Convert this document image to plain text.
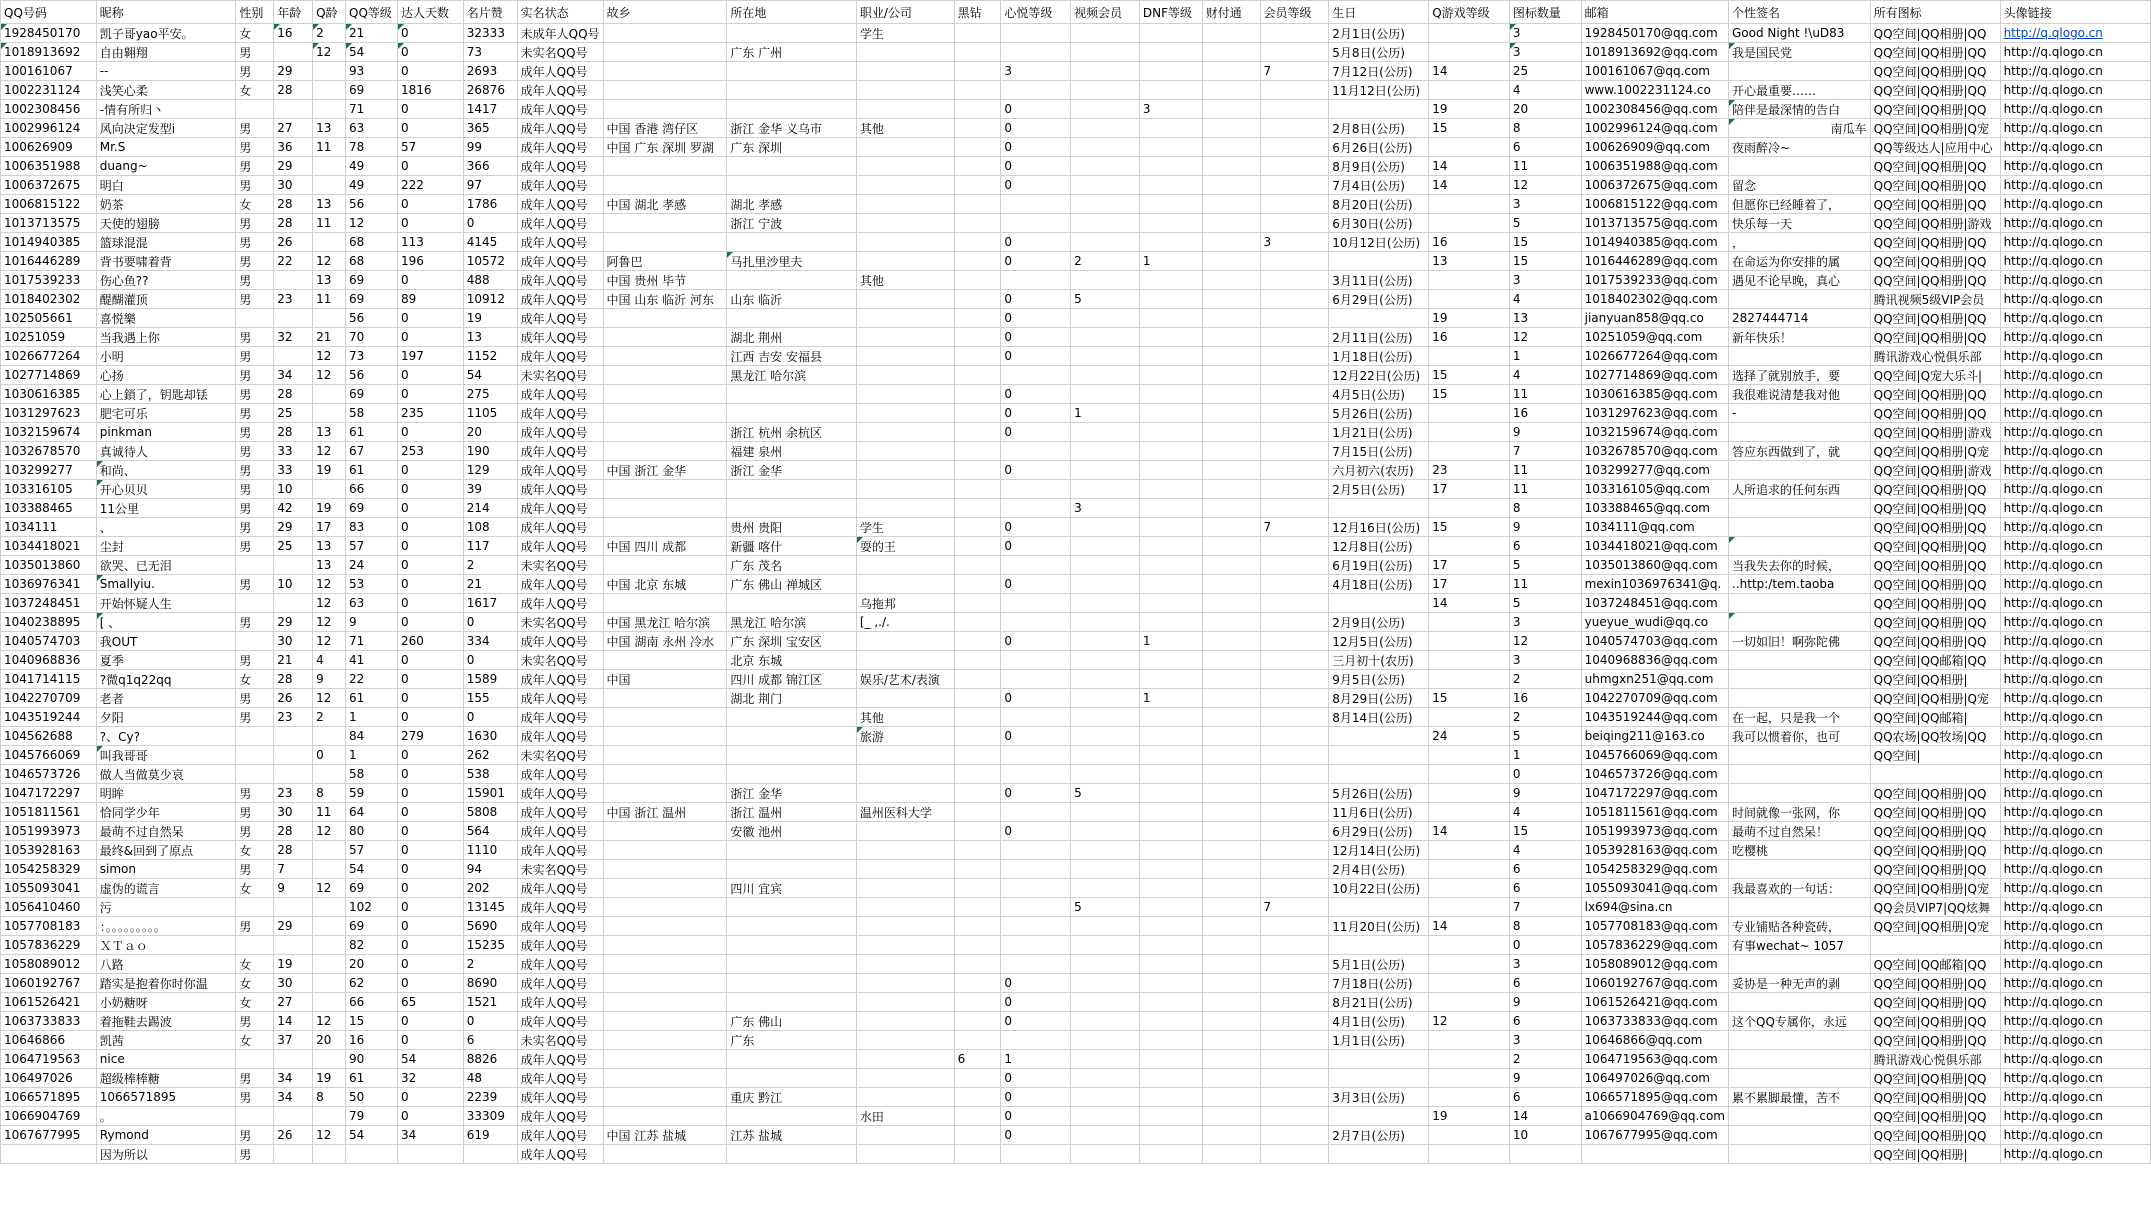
QQ号码	昵称	性别	年龄	Q龄	QQ等级	达人天数	名片赞	实名状态	故乡	所在地	职业/公司	黑钻	心悦等级	视频会员	DNF等级	财付通	会员等级	生日	Q游戏等级	图标数量	邮箱	个性签名	所有图标	头像链接
1928450170	凯子哥yao平安。	女	16	2	21	0	32333	未成年人QQ号			学生							2月1日(公历)		3	1928450170@qq.com	Good Night !\uD83	QQ空间|QQ相册|QQ	http://q.qlogo.cn
1018913692	自由翱翔	男		12	54	0	73	未实名QQ号		广东 广州								5月8日(公历)		3	1018913692@qq.com	我是国民党	QQ空间|QQ相册|QQ	http://q.qlogo.cn
100161067	--	男	29		93	0	2693	成年人QQ号					3				7	7月12日(公历)	14	25	100161067@qq.com		QQ空间|QQ相册|QQ	http://q.qlogo.cn
1002231124	浅笑心柔	女	28		69	1816	26876	成年人QQ号										11月12日(公历)		4	www.1002231124.co	开心最重要……	QQ空间|QQ相册|QQ	http://q.qlogo.cn
1002308456	-情有所归丶				71	0	1417	成年人QQ号					0		3				19	20	1002308456@qq.com	陪伴是最深情的告白	QQ空间|QQ相册|QQ	http://q.qlogo.cn
1002996124	风向决定发型i	男	27	13	63	0	365	成年人QQ号	中国 香港 湾仔区	浙江 金华 义乌市	其他		0					2月8日(公历)	15	8	1002996124@qq.com	南瓜车	QQ空间|QQ相册|Q宠	http://q.qlogo.cn
100626909	Mr.S	男	36	11	78	57	99	成年人QQ号	中国 广东 深圳 罗湖	广东 深圳			0					6月26日(公历)		6	100626909@qq.com	夜雨醉冷~	QQ等级达人|应用中心	http://q.qlogo.cn
1006351988	duang~	男	29		49	0	366	成年人QQ号					0					8月9日(公历)	14	11	1006351988@qq.com		QQ空间|QQ相册|QQ	http://q.qlogo.cn
1006372675	明白	男	30		49	222	97	成年人QQ号					0					7月4日(公历)	14	12	1006372675@qq.com	留念	QQ空间|QQ相册|QQ	http://q.qlogo.cn
1006815122	奶茶	女	28	13	56	0	1786	成年人QQ号	中国 湖北 孝感	湖北 孝感								8月20日(公历)		3	1006815122@qq.com	但愿你已经睡着了，	QQ空间|QQ相册|QQ	http://q.qlogo.cn
1013713575	天使的翅膀	男	28	11	12	0	0	成年人QQ号		浙江 宁波								6月30日(公历)		5	1013713575@qq.com	快乐每一天	QQ空间|QQ相册|游戏	http://q.qlogo.cn
1014940385	篮球混混	男	26		68	113	4145	成年人QQ号					0				3	10月12日(公历)	16	15	1014940385@qq.com	，	QQ空间|QQ相册|QQ	http://q.qlogo.cn
1016446289	背书要啸着背	男	22	12	68	196	10572	成年人QQ号	阿鲁巴	马扎里沙里夫			0	2	1				13	15	1016446289@qq.com	在命运为你安排的属	QQ空间|QQ相册|QQ	http://q.qlogo.cn
1017539233	伤心鱼??	男		13	69	0	488	成年人QQ号	中国 贵州 毕节		其他							3月11日(公历)		3	1017539233@qq.com	遇见不论早晚，真心	QQ空间|QQ相册|QQ	http://q.qlogo.cn
1018402302	醍醐灌顶	男	23	11	69	89	10912	成年人QQ号	中国 山东 临沂 河东	山东 临沂			0	5				6月29日(公历)		4	1018402302@qq.com		腾讯视频5级VIP会员	http://q.qlogo.cn
102505661	喜悦樂				56	0	19	成年人QQ号					0						19	13	jianyuan858@qq.co	2827444714	QQ空间|QQ相册|QQ	http://q.qlogo.cn
10251059	当我遇上你	男	32	21	70	0	13	成年人QQ号		湖北 荆州			0					2月11日(公历)	16	12	10251059@qq.com	新年快乐！	QQ空间|QQ相册|QQ	http://q.qlogo.cn
1026677264	小明	男		12	73	197	1152	成年人QQ号		江西 吉安 安福县			0					1月18日(公历)		1	1026677264@qq.com		腾讯游戏心悦俱乐部	http://q.qlogo.cn
1027714869	心扬	男	34	12	56	0	54	未实名QQ号		黑龙江 哈尔滨								12月22日(公历)	15	4	1027714869@qq.com	选择了就别放手，要	QQ空间|Q宠大乐斗|	http://q.qlogo.cn
1030616385	心上鎖了，钥匙却铥	男	28		69	0	275	成年人QQ号					0					4月5日(公历)	15	11	1030616385@qq.com	我很难说清楚我对他	QQ空间|QQ相册|QQ	http://q.qlogo.cn
1031297623	肥宅可乐	男	25		58	235	1105	成年人QQ号					0	1				5月26日(公历)		16	1031297623@qq.com	-	QQ空间|QQ相册|QQ	http://q.qlogo.cn
1032159674	pinkman	男	28	13	61	0	20	成年人QQ号		浙江 杭州 余杭区			0					1月21日(公历)		9	1032159674@qq.com		QQ空间|QQ相册|游戏	http://q.qlogo.cn
1032678570	真诚待人	男	33	12	67	253	190	成年人QQ号		福建 泉州								7月15日(公历)		7	1032678570@qq.com	答应东西做到了，就	QQ空间|QQ相册|Q宠	http://q.qlogo.cn
103299277	和尚、	男	33	19	61	0	129	成年人QQ号	中国 浙江 金华	浙江 金华			0					六月初六(农历)	23	11	103299277@qq.com		QQ空间|QQ相册|游戏	http://q.qlogo.cn
103316105	开心贝贝	男	10		66	0	39	成年人QQ号										2月5日(公历)	17	11	103316105@qq.com	人所追求的任何东西	QQ空间|QQ相册|QQ	http://q.qlogo.cn
103388465	11公里	男	42	19	69	0	214	成年人QQ号						3						8	103388465@qq.com		QQ空间|QQ相册|QQ	http://q.qlogo.cn
1034111	、	男	29	17	83	0	108	成年人QQ号		贵州 贵阳	学生		0				7	12月16日(公历)	15	9	1034111@qq.com		QQ空间|QQ相册|QQ	http://q.qlogo.cn
1034418021	尘封	男	25	13	57	0	117	成年人QQ号	中国 四川 成都	新疆 喀什	耍的王		0					12月8日(公历)		6	1034418021@qq.com		QQ空间|QQ相册|QQ	http://q.qlogo.cn
1035013860	欲哭、已无泪			13	24	0	2	未实名QQ号		广东 茂名								6月19日(公历)	17	5	1035013860@qq.com	当我失去你的时候，	QQ空间|QQ相册|QQ	http://q.qlogo.cn
1036976341	Smallyiu.	男	10	12	53	0	21	成年人QQ号	中国 北京 东城	广东 佛山 禅城区			0					4月18日(公历)	17	11	mexin1036976341@q.	..http:/tem.taoba	QQ空间|QQ相册|QQ	http://q.qlogo.cn
1037248451	开始怀疑人生			12	63	0	1617	成年人QQ号			乌拖邦								14	5	1037248451@qq.com		QQ空间|QQ相册|QQ	http://q.qlogo.cn
1040238895	[ 、	男	29	12	9	0	0	未实名QQ号	中国 黑龙江 哈尔滨	黑龙江 哈尔滨	[_ ,./.							2月9日(公历)		3	yueyue_wudi@qq.co		QQ空间|QQ相册|QQ	http://q.qlogo.cn
1040574703	我OUT		30	12	71	260	334	成年人QQ号	中国 湖南 永州 冷水	广东 深圳 宝安区			0		1			12月5日(公历)		12	1040574703@qq.com	一切如旧！啊弥陀佛	QQ空间|QQ相册|QQ	http://q.qlogo.cn
1040968836	夏季	男	21	4	41	0	0	未实名QQ号		北京 东城								三月初十(农历)		3	1040968836@qq.com		QQ空间|QQ邮箱|QQ	http://q.qlogo.cn
1041714115	?微q1q22qq	女	28	9	22	0	1589	成年人QQ号	中国	四川 成都 锦江区	娱乐/艺术/表演							9月5日(公历)		2	uhmgxn251@qq.com		QQ空间|QQ相册|	http://q.qlogo.cn
1042270709	老者	男	26	12	61	0	155	成年人QQ号		湖北 荆门			0		1			8月29日(公历)	15	16	1042270709@qq.com		QQ空间|QQ相册|Q宠	http://q.qlogo.cn
1043519244	夕阳	男	23	2	1	0	0	成年人QQ号			其他							8月14日(公历)		2	1043519244@qq.com	在一起，只是我一个	QQ空间|QQ邮箱|	http://q.qlogo.cn
104562688	?、Cy?				84	279	1630	成年人QQ号			旅游		0						24	5	beiqing211@163.co	我可以惯着你，也可	QQ农场|QQ牧场|QQ	http://q.qlogo.cn
1045766069	叫我哥哥			0	1	0	262	未实名QQ号												1	1045766069@qq.com		QQ空间|	http://q.qlogo.cn
1046573726	做人当做莫少哀				58	0	538	成年人QQ号												0	1046573726@qq.com			http://q.qlogo.cn
1047172297	明眸	男	23	8	59	0	15901	成年人QQ号		浙江 金华			0	5				5月26日(公历)		9	1047172297@qq.com		QQ空间|QQ相册|QQ	http://q.qlogo.cn
1051811561	恰同学少年	男	30	11	64	0	5808	成年人QQ号	中国 浙江 温州	浙江 温州	温州医科大学							11月6日(公历)		4	1051811561@qq.com	时间就像一张网，你	QQ空间|QQ相册|QQ	http://q.qlogo.cn
1051993973	最萌不过自然呆	男	28	12	80	0	564	成年人QQ号		安徽 池州			0					6月29日(公历)	14	15	1051993973@qq.com	最萌不过自然呆！	QQ空间|QQ相册|QQ	http://q.qlogo.cn
1053928163	最终&回到了原点	女	28		57	0	1110	成年人QQ号										12月14日(公历)		4	1053928163@qq.com	吃樱桃	QQ空间|QQ相册|QQ	http://q.qlogo.cn
1054258329	simon	男	7		54	0	94	未实名QQ号										2月4日(公历)		6	1054258329@qq.com		QQ空间|QQ相册|QQ	http://q.qlogo.cn
1055093041	虚伪的谎言	女	9	12	69	0	202	成年人QQ号		四川 宜宾								10月22日(公历)		6	1055093041@qq.com	我最喜欢的一句话：	QQ空间|QQ相册|Q宠	http://q.qlogo.cn
1056410460	污				102	0	13145	成年人QQ号						5			7			7	lx694@sina.cn		QQ会员VIP7|QQ炫舞	http://q.qlogo.cn
1057708183	：。。。。。。。。。	男	29		69	0	5690	成年人QQ号										11月20日(公历)	14	8	1057708183@qq.com	专业铺贴各种瓷砖，	QQ空间|QQ相册|Q宠	http://q.qlogo.cn
1057836229	ＸＴａｏ				82	0	15235	成年人QQ号												0	1057836229@qq.com	有事wechat~ 1057		http://q.qlogo.cn
1058089012	八路	女	19		20	0	2	成年人QQ号										5月1日(公历)		3	1058089012@qq.com		QQ空间|QQ邮箱|QQ	http://q.qlogo.cn
1060192767	踏实是抱着你时你温	女	30		62	0	8690	成年人QQ号					0					7月18日(公历)		6	1060192767@qq.com	妥协是一种无声的剥	QQ空间|QQ相册|QQ	http://q.qlogo.cn
1061526421	小奶糖呀	女	27		66	65	1521	成年人QQ号					0					8月21日(公历)		9	1061526421@qq.com		QQ空间|QQ相册|QQ	http://q.qlogo.cn
1063733833	着拖鞋去踢波	男	14	12	15	0	0	成年人QQ号		广东 佛山			0					4月1日(公历)	12	6	1063733833@qq.com	这个QQ专属你，永远	QQ空间|QQ相册|QQ	http://q.qlogo.cn
10646866	凯茜	女	37	20	16	0	6	未实名QQ号		广东								1月1日(公历)		3	10646866@qq.com		QQ空间|QQ相册|QQ	http://q.qlogo.cn
1064719563	nice				90	54	8826	成年人QQ号				6	1							2	1064719563@qq.com		腾讯游戏心悦俱乐部	http://q.qlogo.cn
106497026	超级棒棒糖	男	34	19	61	32	48	成年人QQ号					0							9	106497026@qq.com		QQ空间|QQ相册|QQ	http://q.qlogo.cn
1066571895	1066571895	男	34	8	50	0	2239	成年人QQ号		重庆 黔江			0					3月3日(公历)		6	1066571895@qq.com	累不累脚最懂，苦不	QQ空间|QQ相册|QQ	http://q.qlogo.cn
1066904769	。				79	0	33309	成年人QQ号			水田		0						19	14	a1066904769@qq.com		QQ空间|QQ相册|QQ	http://q.qlogo.cn
1067677995	Rymond	男	26	12	54	34	619	成年人QQ号	中国 江苏 盐城	江苏 盐城			0					2月7日(公历)		10	1067677995@qq.com		QQ空间|QQ相册|QQ	http://q.qlogo.cn
	因为所以	男						成年人QQ号															QQ空间|QQ相册|	http://q.qlogo.cn
